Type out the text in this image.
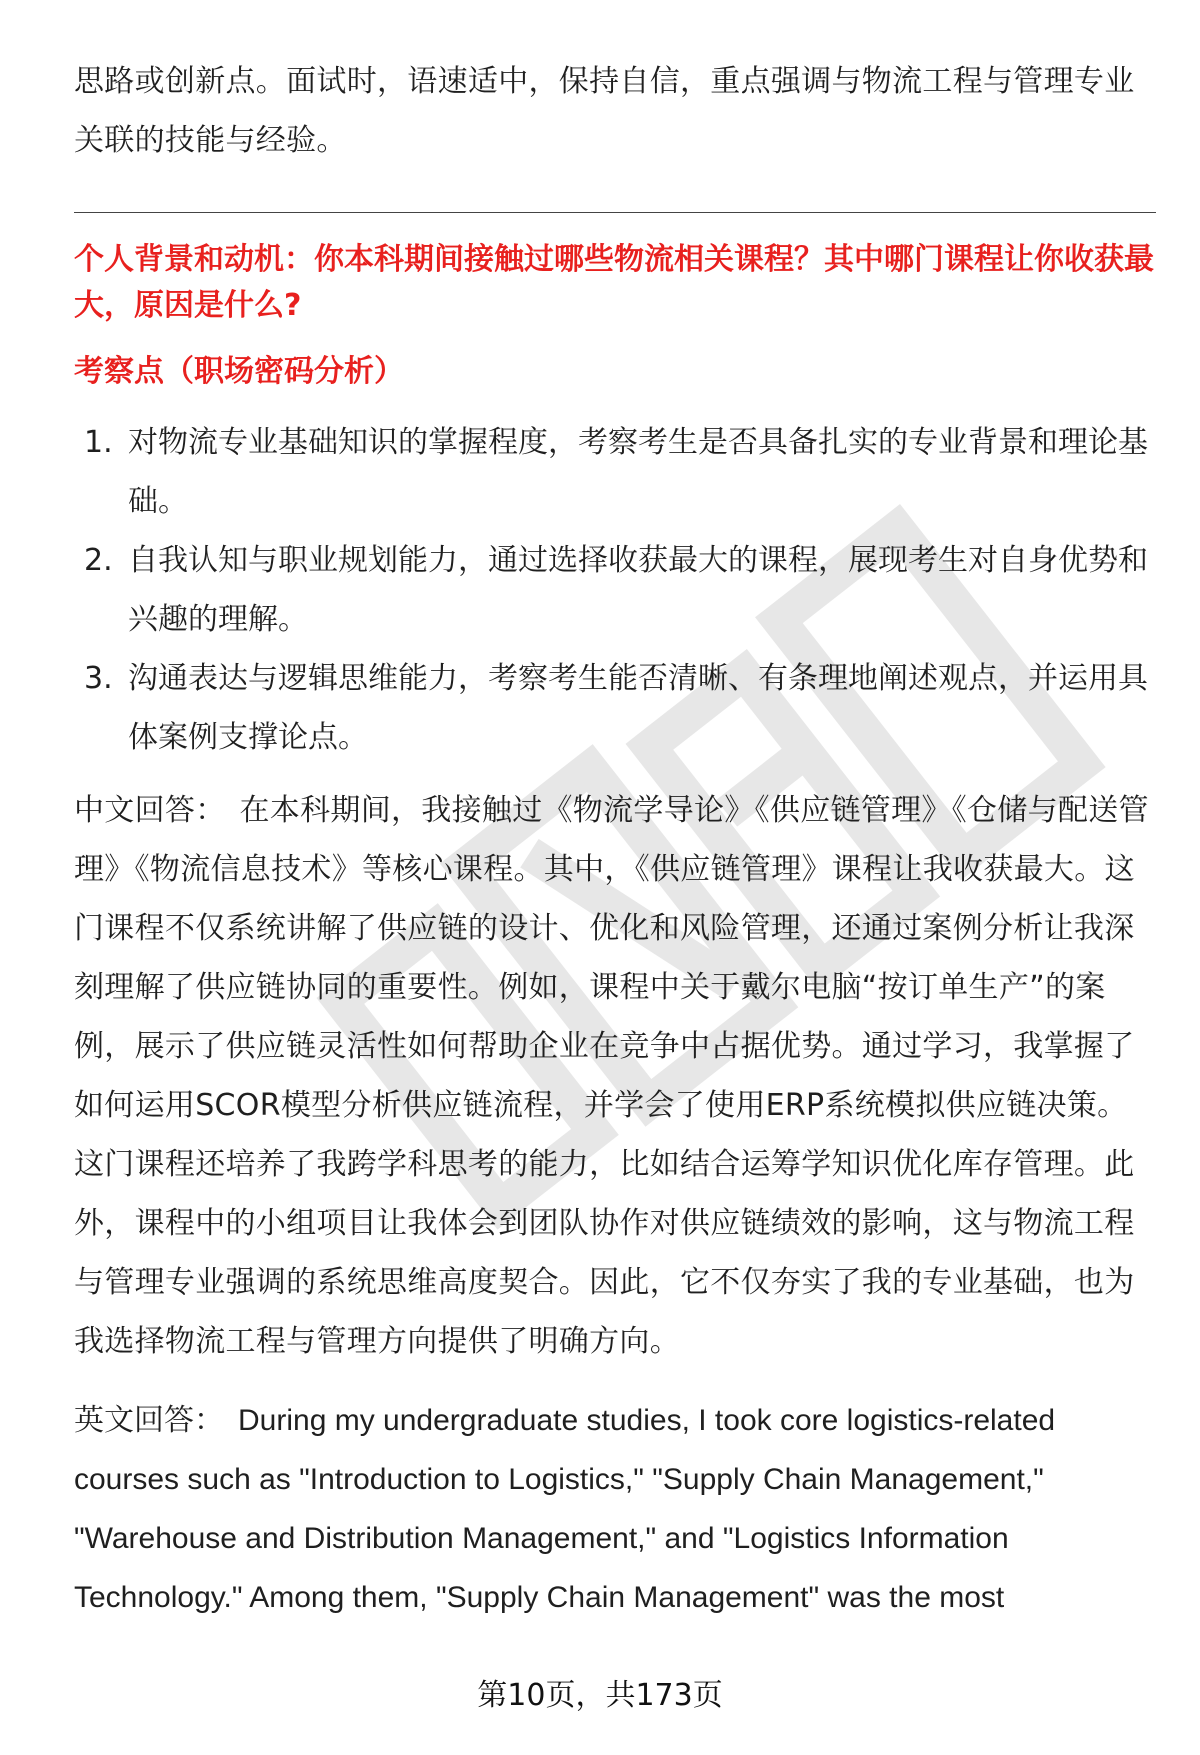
思路或创新点。面试时，语速适中，保持自信，重点强调与物流工程与管理专业关联的技能与经验。

个人背景和动机：你本科期间接触过哪些物流相关课程？其中哪门课程让你收获最大，原因是什么?

考察点（职场密码分析）

1. 对物流专业基础知识的掌握程度，考察考生是否具备扎实的专业背景和理论基础。
2. 自我认知与职业规划能力，通过选择收获最大的课程，展现考生对自身优势和兴趣的理解。
3. 沟通表达与逻辑思维能力，考察考生能否清晰、有条理地阐述观点，并运用具体案例支撑论点。

中文回答： 在本科期间，我接触过《物流学导论》《供应链管理》《仓储与配送管理》《物流信息技术》等核心课程。其中，《供应链管理》课程让我收获最大。这门课程不仅系统讲解了供应链的设计、优化和风险管理，还通过案例分析让我深刻理解了供应链协同的重要性。例如，课程中关于戴尔电脑“按订单生产”的案例，展示了供应链灵活性如何帮助企业在竞争中占据优势。通过学习，我掌握了如何运用SCOR模型分析供应链流程，并学会了使用ERP系统模拟供应链决策。这门课程还培养了我跨学科思考的能力，比如结合运筹学知识优化库存管理。此外，课程中的小组项目让我体会到团队协作对供应链绩效的影响，这与物流工程与管理专业强调的系统思维高度契合。因此，它不仅夯实了我的专业基础，也为我选择物流工程与管理方向提供了明确方向。

英文回答： During my undergraduate studies, I took core logistics-related courses such as "Introduction to Logistics," "Supply Chain Management," "Warehouse and Distribution Management," and "Logistics Information Technology." Among them, "Supply Chain Management" was the most

第10页，共173页
